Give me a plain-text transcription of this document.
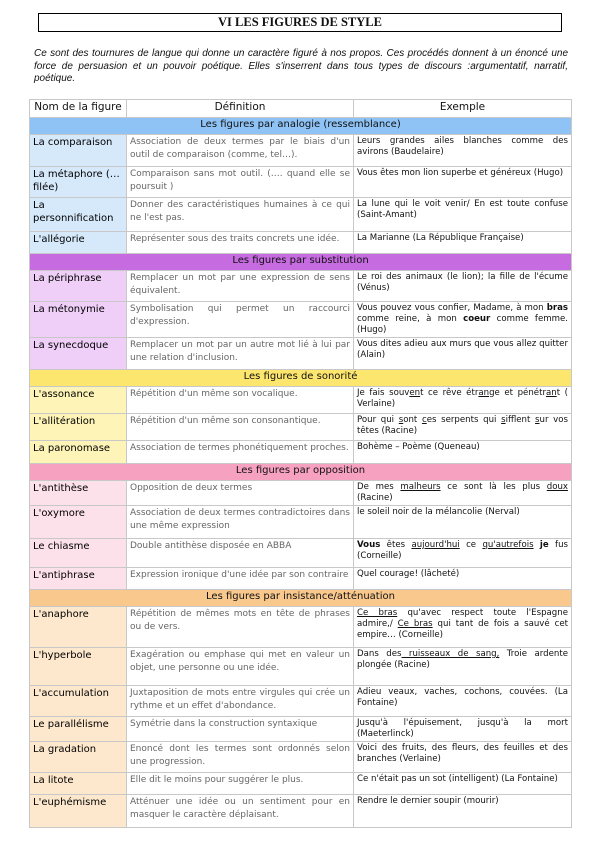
VI LES FIGURES DE STYLE

Ce sont des tournures de langue qui donne un caractère figuré à nos propos. Ces procédés donnent à un énoncé une force de persuasion et un pouvoir poétique. Elles s'inserrent dans tous types de discours :argumentatif, narratif, poétique.

Nom de la figure	Définition	Exemple
Les figures par analogie (ressemblance)		
La comparaison	Association de deux termes par le biais d'un outil de comparaison (comme, tel…).	Leurs grandes ailes blanches comme des avirons (Baudelaire)
La métaphore (…filée)	Comparaison sans mot outil. (…. quand elle se poursuit )	Vous êtes mon lion superbe et généreux (Hugo)
La personnification	Donner des caractéristiques humaines à ce qui ne l'est pas.	La lune qui le voit venir/ En est toute confuse (Saint-Amant)
L'allégorie	Représenter sous des traits concrets une idée.	La Marianne (La République Française)
Les figures par substitution		
La périphrase	Remplacer un mot par une expression de sens équivalent.	Le roi des animaux (le lion); la fille de l'écume (Vénus)
La métonymie	Symbolisation qui permet un raccourci d'expression.	Vous pouvez vous confier, Madame, à mon bras comme reine, à mon coeur comme femme. (Hugo)
La synecdoque	Remplacer un mot par un autre mot lié à lui par une relation d'inclusion.	Vous dites adieu aux murs que vous allez quitter (Alain)
Les figures de sonorité		
L'assonance	Répétition d'un même son vocalique.	Je fais souvent ce rêve étrange et pénétrant ( Verlaine)
L'allitération	Répétition d'un même son consonantique.	Pour qui sont ces serpents qui sifflent sur vos têtes (Racine)
La paronomase	Association de termes phonétiquement proches.	Bohème – Poème (Queneau)
Les figures par opposition		
L'antithèse	Opposition de deux termes	De mes malheurs ce sont là les plus doux (Racine)
L'oxymore	Association de deux termes contradictoires dans une même expression	le soleil noir de la mélancolie (Nerval)
Le chiasme	Double antithèse disposée en ABBA	Vous êtes aujourd'hui ce qu'autrefois je fus (Corneille)
L'antiphrase	Expression ironique d'une idée par son contraire	Quel courage! (lâcheté)
Les figures par insistance/atténuation		
L'anaphore	Répétition de mêmes mots en tête de phrases ou de vers.	Ce bras qu'avec respect toute l'Espagne admire,/ Ce bras qui tant de fois a sauvé cet empire… (Corneille)
L'hyperbole	Exagération ou emphase qui met en valeur un objet, une personne ou une idée.	Dans des ruisseaux de sang, Troie ardente plongée (Racine)
L'accumulation	Juxtaposition de mots entre virgules qui crée un rythme et un effet d'abondance.	Adieu veaux, vaches, cochons, couvées. (La Fontaine)
Le parallélisme	Symétrie dans la construction syntaxique	Jusqu'à l'épuisement, jusqu'à la mort (Maeterlinck)
La gradation	Enoncé dont les termes sont ordonnés selon une progression.	Voici des fruits, des fleurs, des feuilles et des branches (Verlaine)
La litote	Elle dit le moins pour suggérer le plus.	Ce n'était pas un sot (intelligent) (La Fontaine)
L'euphémisme	Atténuer une idée ou un sentiment pour en masquer le caractère déplaisant.	Rendre le dernier soupir (mourir)
